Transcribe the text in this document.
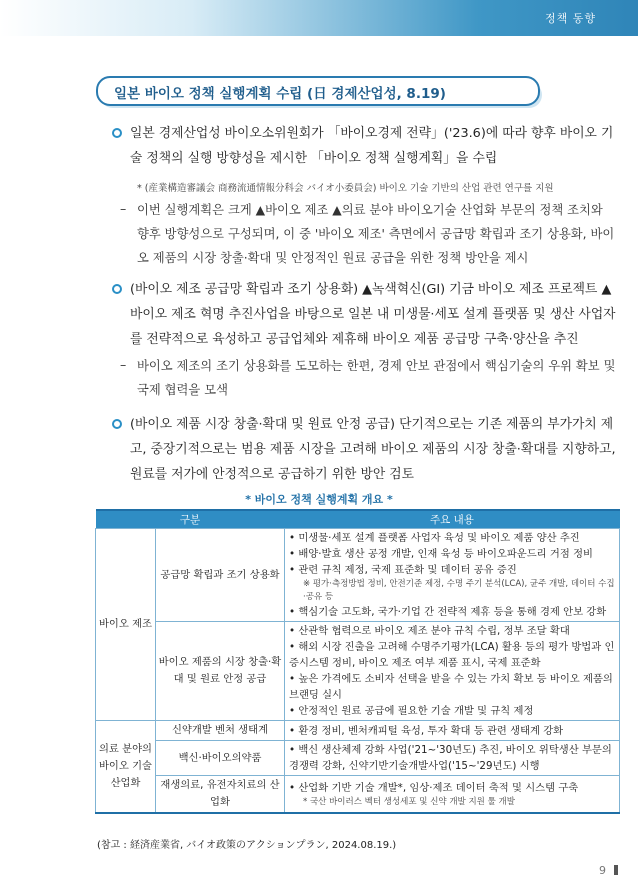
정책 동향
일본 바이오 정책 실행계획 수립 (日 경제산업성, 8.19)
일본 경제산업성 바이오소위원회가 「바이오경제 전략」('23.6)에 따라 향후 바이오 기술 정책의 실행 방향성을 제시한 「바이오 정책 실행계획」을 수립
* (産業構造審議会 商務流通情報分科会 バイオ小委員会) 바이오 기술 기반의 산업 관련 연구를 지원
– 이번 실행계획은 크게 ▲바이오 제조 ▲의료 분야 바이오기술 산업화 부문의 정책 조치와 향후 방향성으로 구성되며, 이 중 '바이오 제조' 측면에서 공급망 확립과 조기 상용화, 바이오 제품의 시장 창출·확대 및 안정적인 원료 공급을 위한 정책 방안을 제시
(바이오 제조 공급망 확립과 조기 상용화) ▲녹색혁신(GI) 기금 바이오 제조 프로젝트 ▲바이오 제조 혁명 추진사업을 바탕으로 일본 내 미생물·세포 설계 플랫폼 및 생산 사업자를 전략적으로 육성하고 공급업체와 제휴해 바이오 제품 공급망 구축·양산을 추진
– 바이오 제조의 조기 상용화를 도모하는 한편, 경제 안보 관점에서 핵심기술의 우위 확보 및 국제 협력을 모색
(바이오 제품 시장 창출·확대 및 원료 안정 공급) 단기적으로는 기존 제품의 부가가치 제고, 중장기적으로는 범용 제품 시장을 고려해 바이오 제품의 시장 창출·확대를 지향하고, 원료를 저가에 안정적으로 공급하기 위한 방안 검토
* 바이오 정책 실행계획 개요 *
구분		주요 내용
바이오 제조	공급망 확립과 조기 상용화	• 미생물·세포 설계 플랫폼 사업자 육성 및 바이오 제품 양산 추진
• 배양·발효 생산 공정 개발, 인재 육성 등 바이오파운드리 거점 정비
• 관련 규칙 제정, 국제 표준화 및 데이터 공유 증진
※ 평가·측정방법 정비, 안전기준 제정, 수명 주기 분석(LCA), 균주 개발, 데이터 수집·공유 등
• 핵심기술 고도화, 국가·기업 간 전략적 제휴 등을 통해 경제 안보 강화

	바이오 제품의 시장 창출·확대 및 원료 안정 공급	• 산관학 협력으로 바이오 제조 분야 규칙 수립, 정부 조달 확대
• 해외 시장 진출을 고려해 수명주기평가(LCA) 활용 등의 평가 방법과 인증시스템 정비, 바이오 제조 여부 제품 표시, 국제 표준화
• 높은 가격에도 소비자 선택을 받을 수 있는 가치 확보 등 바이오 제품의 브랜딩 실시
• 안정적인 원료 공급에 필요한 기술 개발 및 규칙 제정

의료 분야의 바이오 기술 산업화	신약개발 벤처 생태계	• 환경 정비, 벤처캐피털 육성, 투자 확대 등 관련 생태계 강화

	백신·바이오의약품	• 백신 생산체제 강화 사업('21~'30년도) 추진, 바이오 위탁생산 부문의 경쟁력 강화, 신약기반기술개발사업('15~'29년도) 시행

	재생의료, 유전자치료의 산업화	• 산업화 기반 기술 개발*, 임상·제조 데이터 축적 및 시스템 구축
* 국산 바이러스 벡터 생성세포 및 신약 개발 지원 툴 개발
(참고 : 経済産業省, バイオ政策のアクションプラン, 2024.08.19.)
9
